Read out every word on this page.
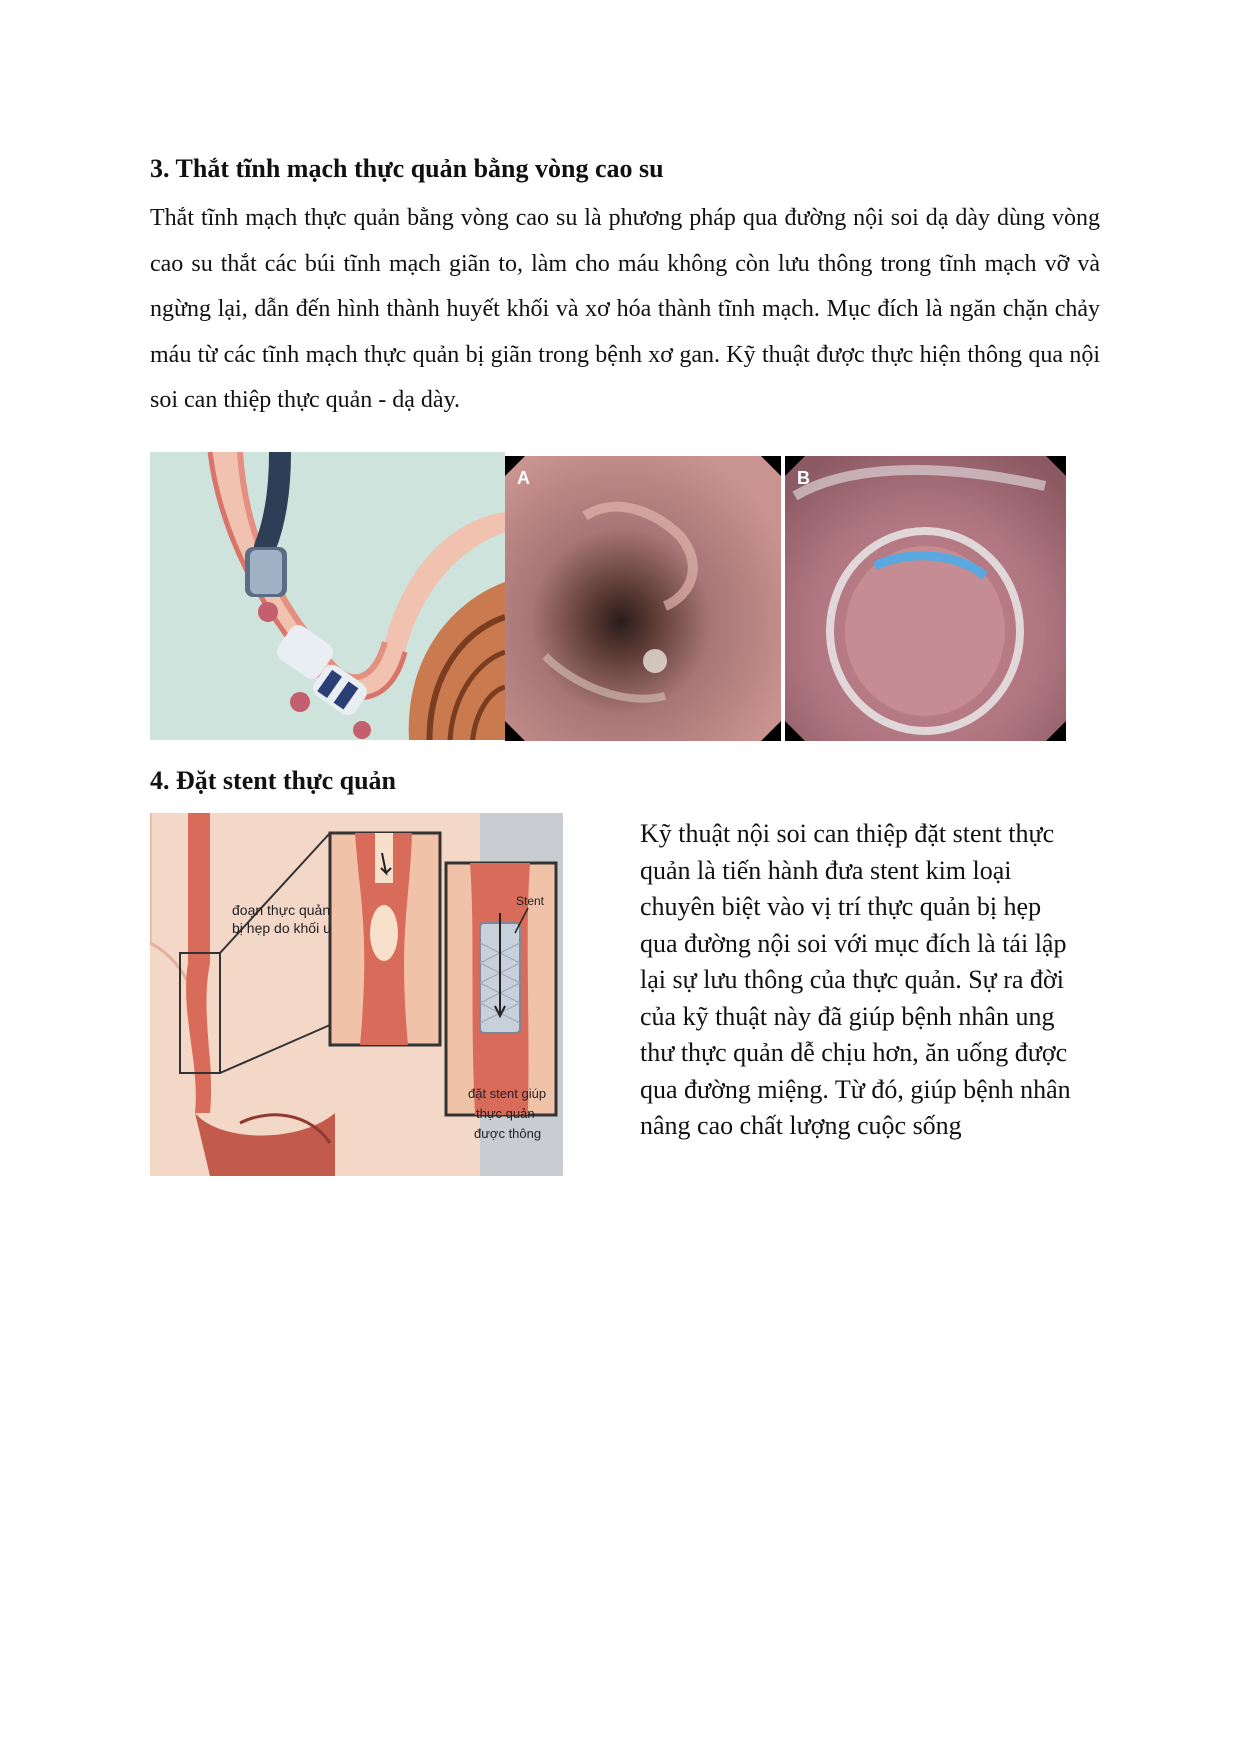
3. Thắt tĩnh mạch thực quản bằng vòng cao su

Thắt tĩnh mạch thực quản bằng vòng cao su là phương pháp qua đường nội soi dạ dày dùng vòng cao su thắt các búi tĩnh mạch giãn to, làm cho máu không còn lưu thông trong tĩnh mạch vỡ và ngừng lại, dẫn đến hình thành huyết khối và xơ hóa thành tĩnh mạch. Mục đích là ngăn chặn chảy máu từ các tĩnh mạch thực quản bị giãn trong bệnh xơ gan. Kỹ thuật được thực hiện thông qua nội soi can thiệp thực quản - dạ dày.

A	B
4. Đặt stent thực quản
đoạn thực quản
bị hẹp do khối u
Stent
đặt stent giúp
thực quản
được thông

Kỹ thuật nội soi can thiệp đặt stent thực quản là tiến hành đưa stent kim loại chuyên biệt vào vị trí thực quản bị hẹp qua đường nội soi với mục đích là tái lập lại sự lưu thông của thực quản. Sự ra đời của kỹ thuật này đã giúp bệnh nhân ung thư thực quản dễ chịu hơn, ăn uống được qua đường miệng. Từ đó, giúp bệnh nhân nâng cao chất lượng cuộc sống
